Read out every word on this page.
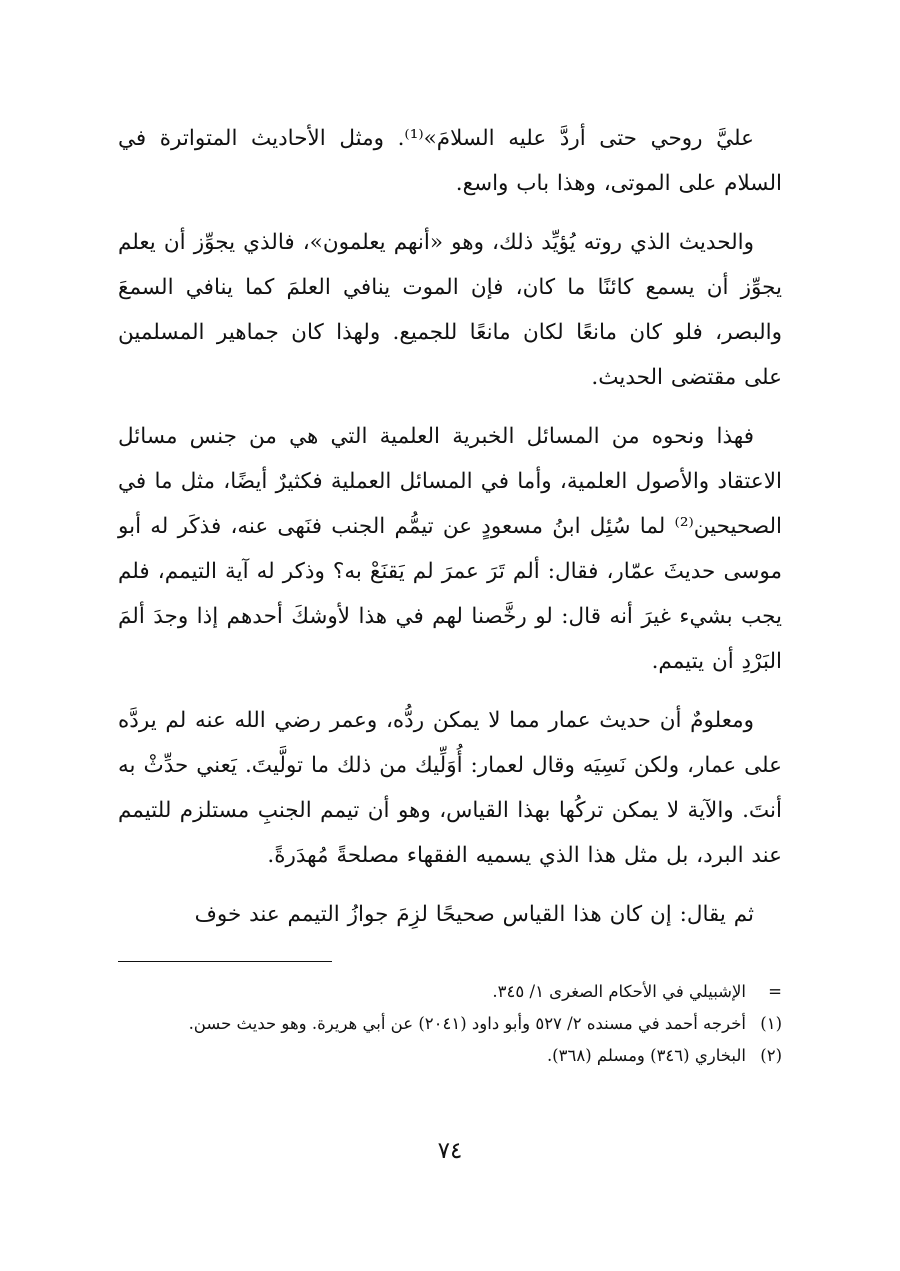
عليَّ روحي حتى أردَّ عليه السلامَ»⁽¹⁾. ومثل الأحاديث المتواترة في السلام على الموتى، وهذا باب واسع.

والحديث الذي روته يُؤيِّد ذلك، وهو «أنهم يعلمون»، فالذي يجوِّز أن يعلم يجوِّز أن يسمع كائنًا ما كان، فإن الموت ينافي العلمَ كما ينافي السمعَ والبصر، فلو كان مانعًا لكان مانعًا للجميع. ولهذا كان جماهير المسلمين على مقتضى الحديث.

فهذا ونحوه من المسائل الخبرية العلمية التي هي من جنس مسائل الاعتقاد والأصول العلمية، وأما في المسائل العملية فكثيرٌ أيضًا، مثل ما في الصحيحين⁽²⁾ لما سُئِل ابنُ مسعودٍ عن تيمُّم الجنب فنَهى عنه، فذكَر له أبو موسى حديثَ عمّار، فقال: ألم تَرَ عمرَ لم يَقنَعْ به؟ وذكر له آية التيمم، فلم يجب بشيء غيرَ أنه قال: لو رخَّصنا لهم في هذا لأوشكَ أحدهم إذا وجدَ ألمَ البَرْدِ أن يتيمم.

ومعلومٌ أن حديث عمار مما لا يمكن ردُّه، وعمر رضي الله عنه لم يردَّه على عمار، ولكن نَسِيَه وقال لعمار: أُوَلِّيك من ذلك ما تولَّيتَ. يَعني حدِّثْ به أنتَ. والآية لا يمكن تركُها بهذا القياس، وهو أن تيمم الجنبِ مستلزم للتيمم عند البرد، بل مثل هذا الذي يسميه الفقهاء مصلحةً مُهدَرةً.

ثم يقال: إن كان هذا القياس صحيحًا لزِمَ جوازُ التيمم عند خوف

=
الإشبيلي في الأحكام الصغرى ١/ ٣٤٥.
(١)
أخرجه أحمد في مسنده ٢/ ٥٢٧ وأبو داود (٢٠٤١) عن أبي هريرة. وهو حديث حسن.
(٢)
البخاري (٣٤٦) ومسلم (٣٦٨).
٧٤
